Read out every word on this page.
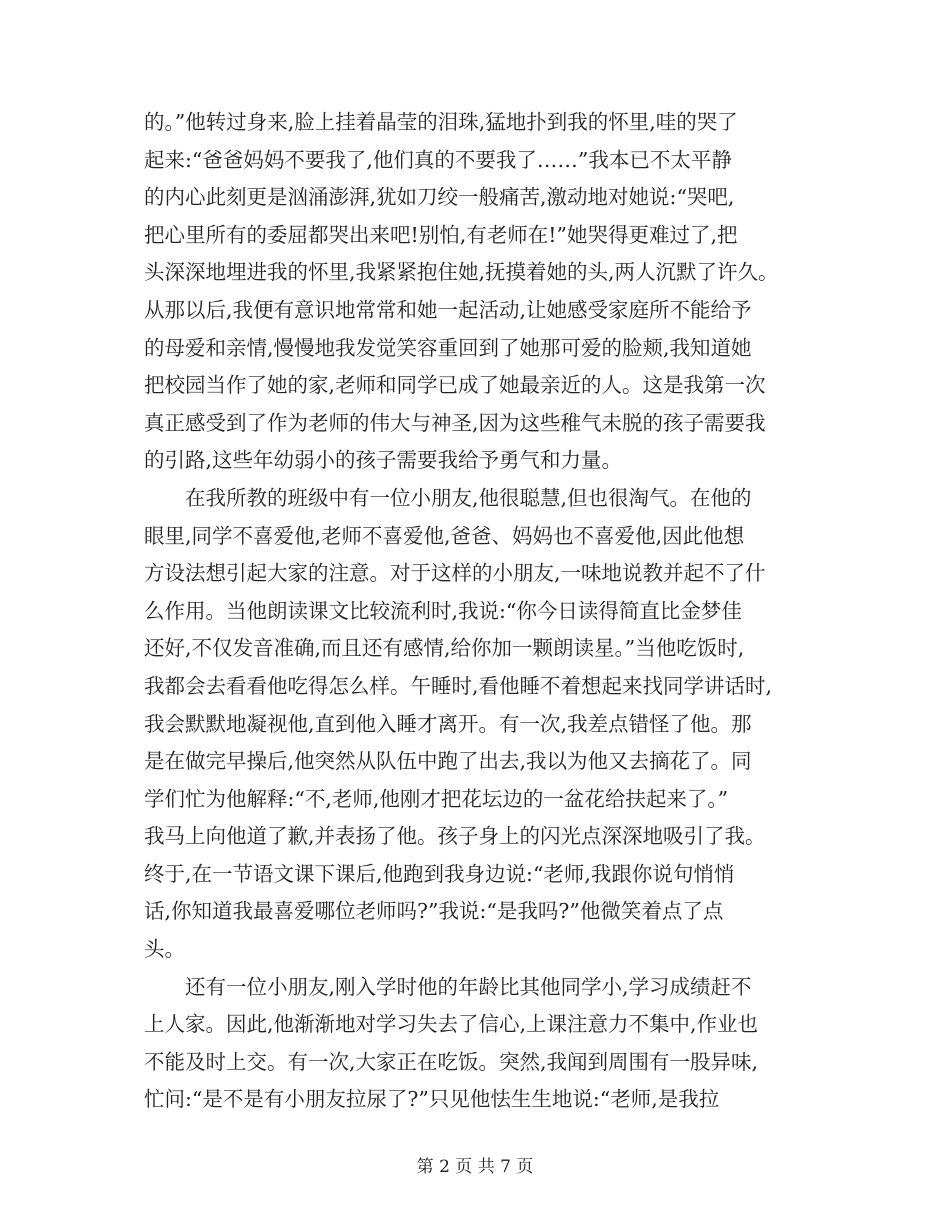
的。”他转过身来,脸上挂着晶莹的泪珠,猛地扑到我的怀里,哇的哭了
起来:“爸爸妈妈不要我了,他们真的不要我了……”我本已不太平静
的内心此刻更是汹涌澎湃,犹如刀绞一般痛苦,激动地对她说:“哭吧,
把心里所有的委屈都哭出来吧!别怕,有老师在!”她哭得更难过了,把
头深深地埋进我的怀里,我紧紧抱住她,抚摸着她的头,两人沉默了许久。
从那以后,我便有意识地常常和她一起活动,让她感受家庭所不能给予
的母爱和亲情,慢慢地我发觉笑容重回到了她那可爱的脸颊,我知道她
把校园当作了她的家,老师和同学已成了她最亲近的人。这是我第一次
真正感受到了作为老师的伟大与神圣,因为这些稚气未脱的孩子需要我
的引路,这些年幼弱小的孩子需要我给予勇气和力量。
　　在我所教的班级中有一位小朋友,他很聪慧,但也很淘气。在他的
眼里,同学不喜爱他,老师不喜爱他,爸爸、妈妈也不喜爱他,因此他想
方设法想引起大家的注意。对于这样的小朋友,一味地说教并起不了什
么作用。当他朗读课文比较流利时,我说:“你今日读得简直比金梦佳
还好,不仅发音准确,而且还有感情,给你加一颗朗读星。”当他吃饭时,
我都会去看看他吃得怎么样。午睡时,看他睡不着想起来找同学讲话时,
我会默默地凝视他,直到他入睡才离开。有一次,我差点错怪了他。那
是在做完早操后,他突然从队伍中跑了出去,我以为他又去摘花了。同
学们忙为他解释:“不,老师,他刚才把花坛边的一盆花给扶起来了。”
我马上向他道了歉,并表扬了他。孩子身上的闪光点深深地吸引了我。
终于,在一节语文课下课后,他跑到我身边说:“老师,我跟你说句悄悄
话,你知道我最喜爱哪位老师吗?”我说:“是我吗?”他微笑着点了点
头。
　　还有一位小朋友,刚入学时他的年龄比其他同学小,学习成绩赶不
上人家。因此,他渐渐地对学习失去了信心,上课注意力不集中,作业也
不能及时上交。有一次,大家正在吃饭。突然,我闻到周围有一股异味,
忙问:“是不是有小朋友拉尿了?”只见他怯生生地说:“老师,是我拉
第 2 页 共 7 页
